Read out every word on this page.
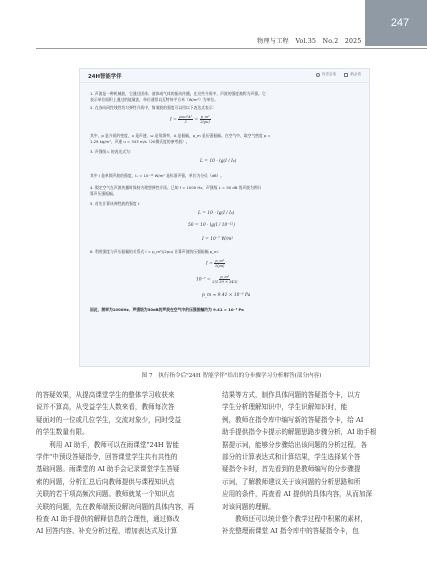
247
物理与工程 Vol.35 No.2 2025
24H智能学伴	历史会话	新会话

1. 声波是一种机械波，它通过固体、液体或气体的振动传播。在这些介质中，声波的强度被称为声强。它

表示单位面积上通过的能量流，单位通常以瓦特每平方米（W/m²）为单位。

2. 在各向同性线性均匀弹性介质中，简谐波的强度可以用以下表达式表示：

$I = \frac{\text{ρuω²A²}}{2} = \frac{\text{p\_m²}}{2(\rho u)}$

其中，ρ 是介质的密度，u 是声速，ω 是角频率，A 是振幅，p_m 是压强振幅。在空气中，取空气密度 ρ =

1.29 kg/m³，声速 u = 343 m/s（20摄氏度的参考值）。

3. 声强级 L 的表达式为：

L = 10 · lg(I / I₀)

其中 I 是单频声波的强度，I₀ = 10⁻¹² W/m² 是标准声强，单位为分贝（dB）。

4. 假定空气在声波传播时保持为理想弹性介质。已知 f = 1000 Hz，声强级 L = 50 dB 的声波为例计

算声压强振幅。

5. 首先计算该弹性波的强度 I：

L = 10 · lg(I / I₀)
50 = 10 · lg(I / 10⁻¹²)
I = 10⁻⁷ W/m²

6. 利用强度与声压振幅的关系式 I = p_m²/(2ρu) 计算声波的压强振幅 p_m：

$I = \frac{\text{p\_m²}}{2(\rho u)}$
$10^{-7} = \frac{\text{p\_m²}}{2(1.29 \times 343)}$
p_m ≈ 9.41 × 10⁻³ Pa

因此，频率为1000Hz、声强级为50dB的声波在空气中的压强振幅约为 9.41 × 10⁻³ Pa

图 7　执行指令后"24H 智能学伴"给出的分步骤学习分析解答(部分内容)

的答疑效果，从提高课堂学生的整体学习收获来

说并不算高，从受益学生人数来看，教师每次答

疑面对的一位或几位学生，交流对象少，同时受益

的学生数量有限。

　　利用 AI 助手，教师可以在雨课堂"24H 智能

学伴"中预设答疑指令，回答课堂学生共有共性的

基础问题。雨课堂的 AI 助手会记录课堂学生答疑

索的问题，分析汇总后向教师提供与课程知识点

关联的若干项高频次问题。教师就某一个知识点

关联的问题，先在教师端预设解决问题的具体内容，再

检查 AI 助手提供的解释信息的合理性，通过修改

AI 回答内容、补充分析过程，增加表达式及计算

结果等方式，制作具体问题的答疑指令卡，以方

学生分析理解知识中，学生识解知识时，能

例，教师在指令库中编写新的答疑指令卡，给 AI

助手提供指令卡提示的解题思路步骤分析，AI 助手根

据提示词，能够分步骤给出该问题的分析过程，各

部分的计算表达式和计算结果，学生选择某个答

疑指令卡时，首先看到的是教师编写的分步骤提

示词，了解教师建议关于该问题的分析思路和所

应用的条件，再查看 AI 提供的具体内容，从而加深

对该问题的理解。

　　教师还可以统计整个教学过程中积累的素材，

补充整理雨课堂 AI 指令库中的答疑指令卡，包
